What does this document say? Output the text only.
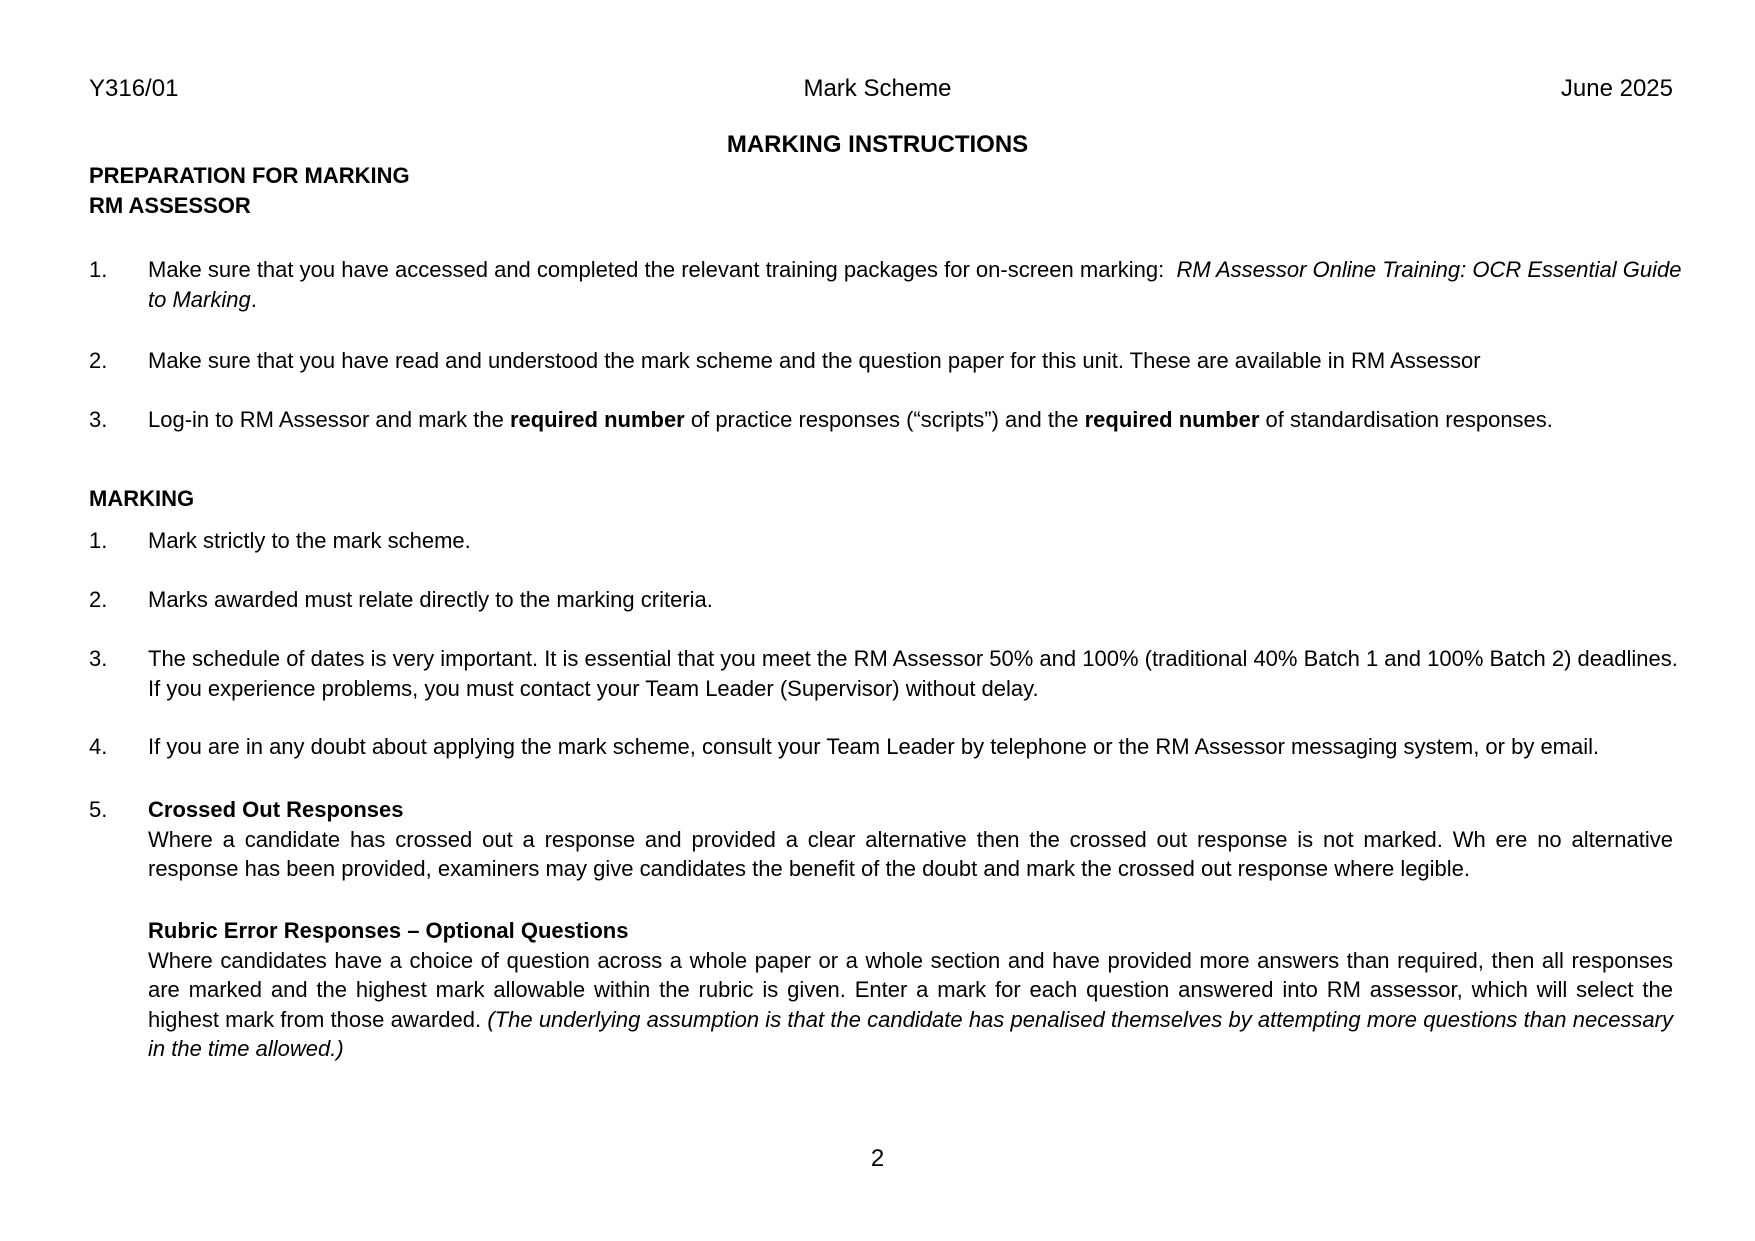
Y316/01	Mark Scheme	June 2025
MARKING INSTRUCTIONS
PREPARATION FOR MARKING
RM ASSESSOR
1. Make sure that you have accessed and completed the relevant training packages for on-screen marking: RM Assessor Online Training: OCR Essential Guide to Marking.
2. Make sure that you have read and understood the mark scheme and the question paper for this unit. These are available in RM Assessor
3. Log-in to RM Assessor and mark the required number of practice responses (“scripts”) and the required number of standardisation responses.
MARKING
1. Mark strictly to the mark scheme.
2. Marks awarded must relate directly to the marking criteria.
3. The schedule of dates is very important. It is essential that you meet the RM Assessor 50% and 100% (traditional 40% Batch 1 and 100% Batch 2) deadlines. If you experience problems, you must contact your Team Leader (Supervisor) without delay.
4. If you are in any doubt about applying the mark scheme, consult your Team Leader by telephone or the RM Assessor messaging system, or by email.
5. Crossed Out Responses
Where a candidate has crossed out a response and provided a clear alternative then the crossed out response is not marked. Wh ere no alternative response has been provided, examiners may give candidates the benefit of the doubt and mark the crossed out response where legible.
Rubric Error Responses – Optional Questions
Where candidates have a choice of question across a whole paper or a whole section and have provided more answers than required, then all responses are marked and the highest mark allowable within the rubric is given. Enter a mark for each question answered into RM assessor, which will select the highest mark from those awarded. (The underlying assumption is that the candidate has penalised themselves by attempting more questions than necessary in the time allowed.)
2
